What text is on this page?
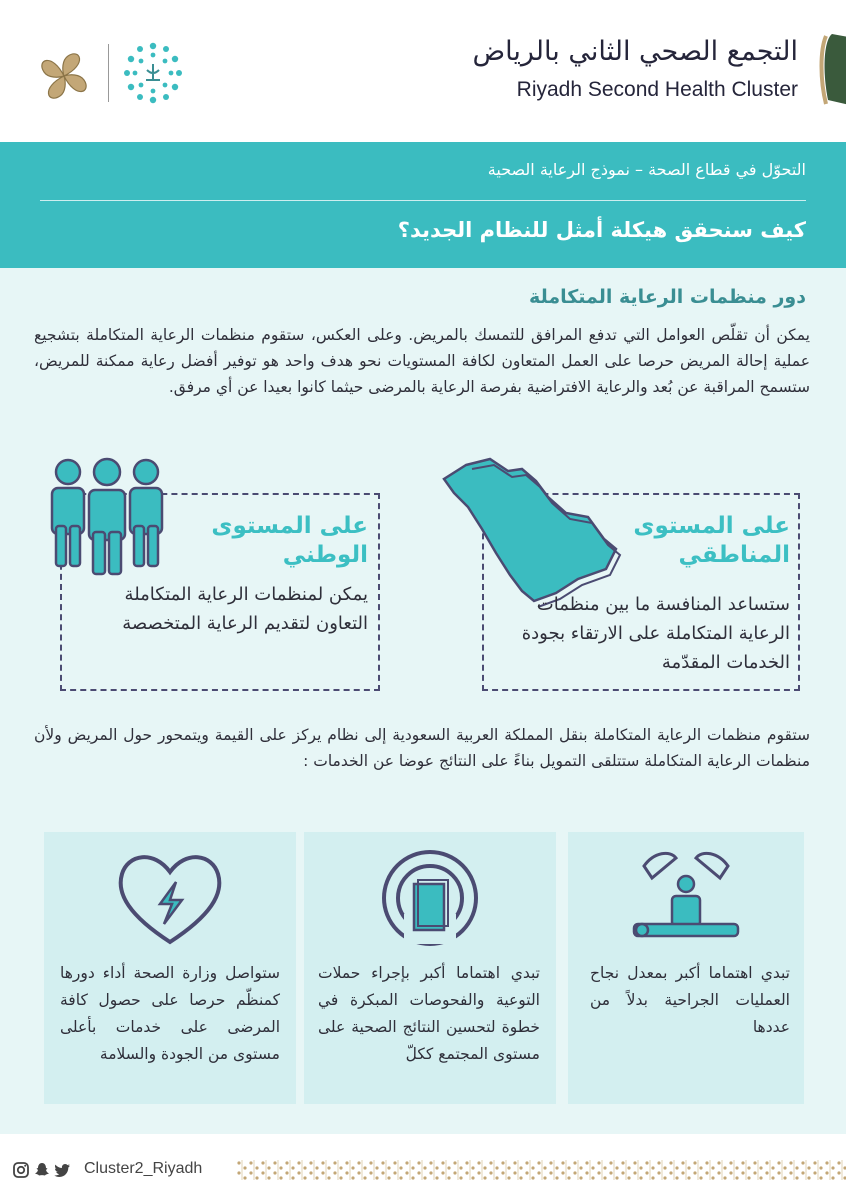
التجمع الصحي الثاني بالرياض
Riyadh Second Health Cluster
التحوّل في قطاع الصحة – نموذج الرعاية الصحية
كيف سنحقق هيكلة أمثل للنظام الجديد؟
دور منظمات الرعاية المتكاملة

يمكن أن تقلّص العوامل التي تدفع المرافق للتمسك بالمريض. وعلى العكس، ستقوم منظمات الرعاية المتكاملة بتشجيع عملية إحالة المريض حرصا على العمل المتعاون لكافة المستويات نحو هدف واحد هو توفير أفضل رعاية ممكنة للمريض، ستسمح المراقبة عن بُعد والرعاية الافتراضية بفرصة الرعاية بالمرضى حيثما كانوا بعيدا عن أي مرفق.

على المستوى الوطني
يمكن لمنظمات الرعاية المتكاملة التعاون لتقديم الرعاية المتخصصة
على المستوى المناطقي
ستساعد المنافسة ما بين منظمات الرعاية المتكاملة على الارتقاء بجودة الخدمات المقدّمة

ستقوم منظمات الرعاية المتكاملة بنقل المملكة العربية السعودية إلى نظام يركز على القيمة ويتمحور حول المريض ولأن منظمات الرعاية المتكاملة ستتلقى التمويل بناءً على النتائج عوضا عن الخدمات :

ستواصل وزارة الصحة أداء دورها كمنظّم حرصا على حصول كافة المرضى على خدمات بأعلى مستوى من الجودة والسلامة

تبدي اهتماما أكبر بإجراء حملات التوعية والفحوصات المبكرة في خطوة لتحسين النتائج الصحية على مستوى المجتمع ككلّ

تبدي اهتماما أكبر بمعدل نجاح العمليات الجراحية بدلاً من عددها

Cluster2_Riyadh
